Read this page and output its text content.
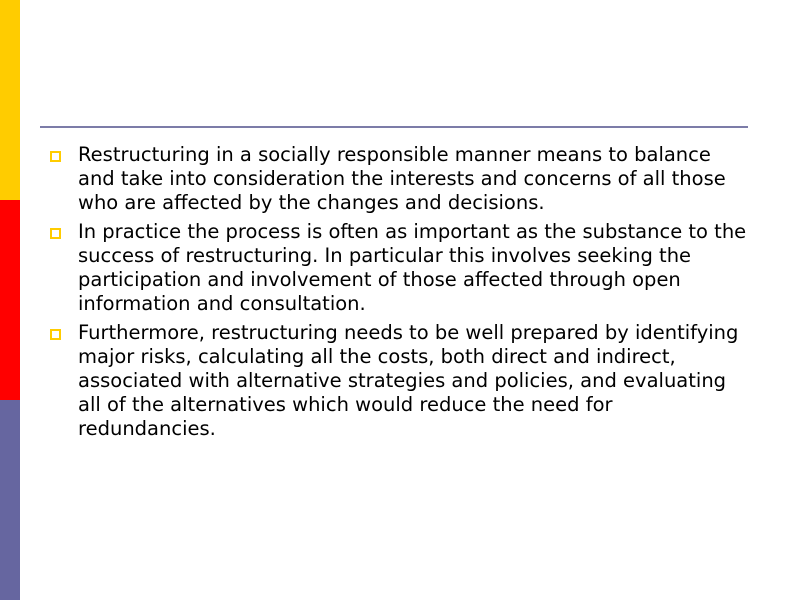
Restructuring in a socially responsible manner means to balance and take into consideration the interests and concerns of all those who are affected by the changes and decisions.
In practice the process is often as important as the substance to the success of restructuring. In particular this involves seeking the participation and involvement of those affected through open information and consultation.
Furthermore, restructuring needs to be well prepared by identifying major risks, calculating all the costs, both direct and indirect, associated with alternative strategies and policies, and evaluating all of the alternatives which would reduce the need for redundancies.
